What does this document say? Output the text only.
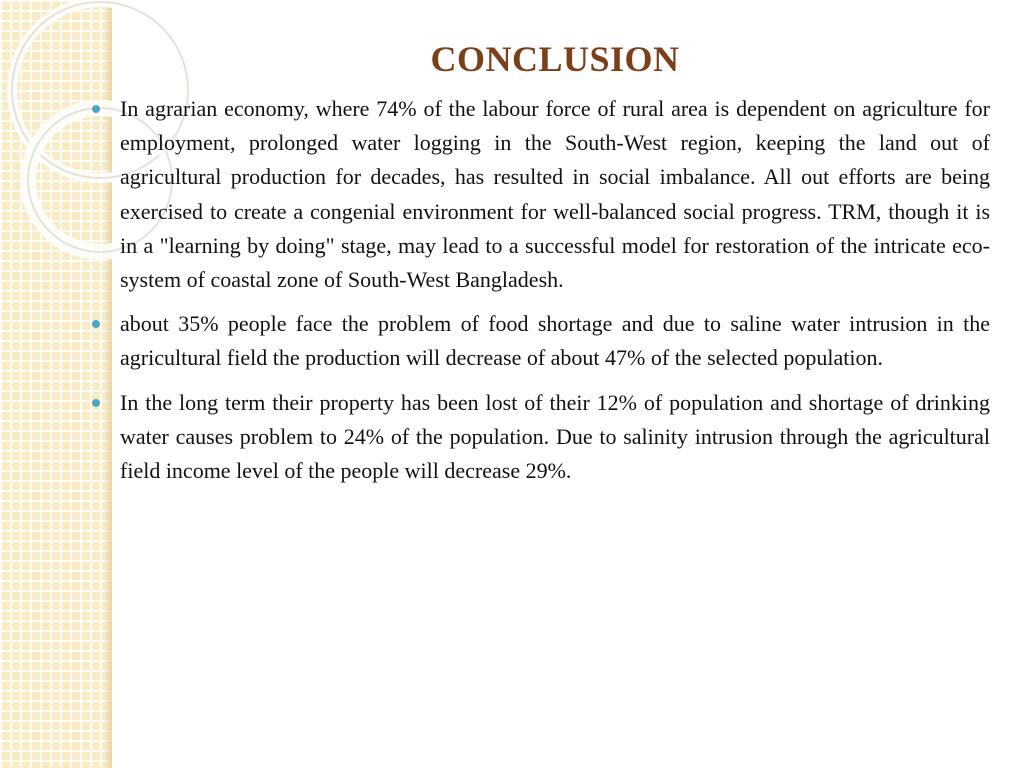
CONCLUSION
In agrarian economy, where 74% of the labour force of rural area is dependent on agriculture for employment, prolonged water logging in the South-West region, keeping the land out of agricultural production for decades, has resulted in social imbalance. All out efforts are being exercised to create a congenial environment for well-balanced social progress. TRM, though it is in a "learning by doing" stage, may lead to a successful model for restoration of the intricate eco-system of coastal zone of South-West Bangladesh.
about 35% people face the problem of food shortage and due to saline water intrusion in the agricultural field the production will decrease of about 47% of the selected population.
In the long term their property has been lost of their 12% of population and shortage of drinking water causes problem to 24% of the population. Due to salinity intrusion through the agricultural field income level of the people will decrease 29%.
